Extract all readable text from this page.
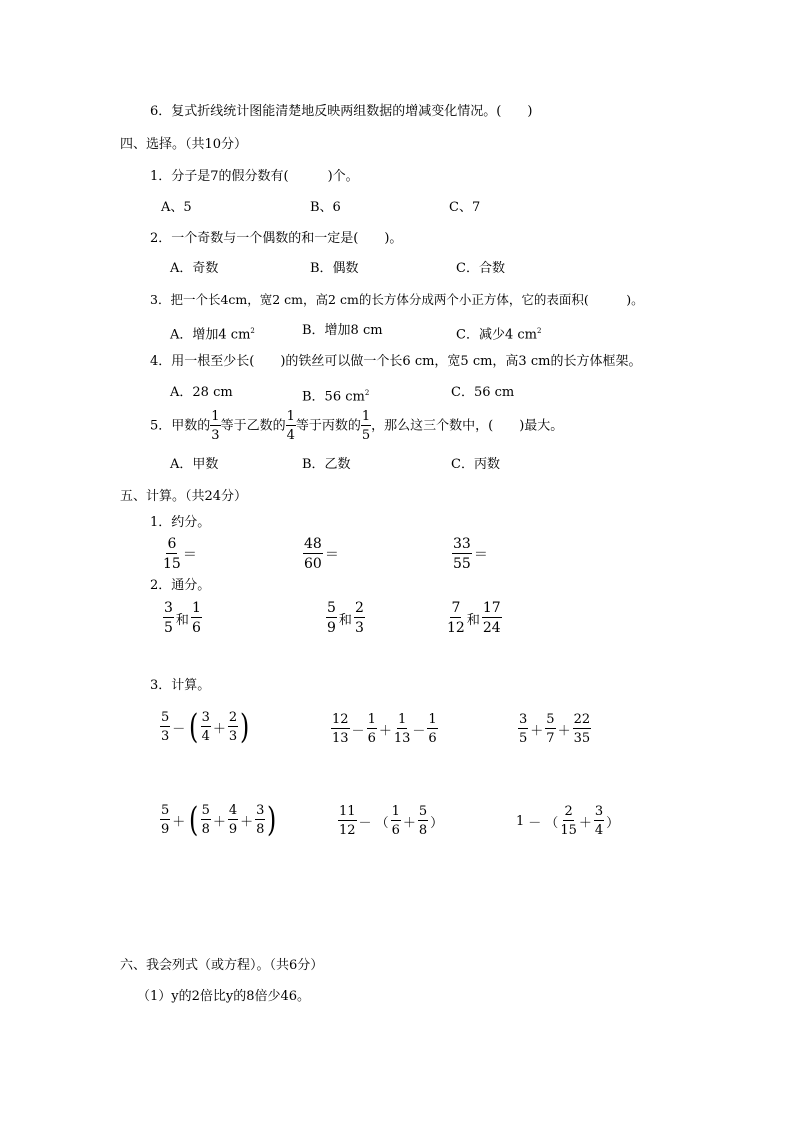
6．复式折线统计图能清楚地反映两组数据的增减变化情况。(　　)
四、选择。（共10分）
1．分子是7的假分数有(　　　)个。
A、5	B、6	C、7
2．一个奇数与一个偶数的和一定是(　　)。
A．奇数	B．偶数	C．合数
3．把一个长4cm，宽2 cm，高2 cm的长方体分成两个小正方体，它的表面积(　　　)。
A．增加4 $cm^2$	B．增加8 cm	C．减少4 $cm^2$
4．用一根至少长(　　)的铁丝可以做一个长6 cm，宽5 cm，高3 cm的长方体框架。
A．28 cm	B．56 $cm^2$	C．56 cm
5．甲数的 $\frac{1}{3}$ 等于乙数的 $\frac{1}{4}$ 等于丙数的 $\frac{1}{5}$ ，那么这三个数中，(　　)最大。
A．甲数	B．乙数	C．丙数
五、计算。（共24分）
1．约分。
$\frac{6}{15}$ ＝	$\frac{48}{60}$ ＝	$\frac{33}{55}$ ＝
2．通分。
$\frac{3}{5}$ 和 $\frac{1}{6}$	$\frac{5}{9}$ 和 $\frac{2}{3}$	$\frac{7}{12}$ 和 $\frac{17}{24}$
3．计算。
$\frac{5}{3}$ － ( $\frac{3}{4} + \frac{2}{3}$ )	$\frac{12}{13} - \frac{1}{6} + \frac{1}{13} - \frac{1}{6}$	$\frac{3}{5} + \frac{5}{7} + \frac{22}{35}$
$\frac{5}{9}$ ＋ ( $\frac{5}{8} + \frac{4}{9} + \frac{3}{8}$ )	$\frac{11}{12}$ － （ $\frac{1}{6} + \frac{5}{8}$ ）	1 － （ $\frac{2}{15} + \frac{3}{4}$ ）
六、我会列式（或方程）。（共6分）
（1）y的2倍比y的8倍少46。
